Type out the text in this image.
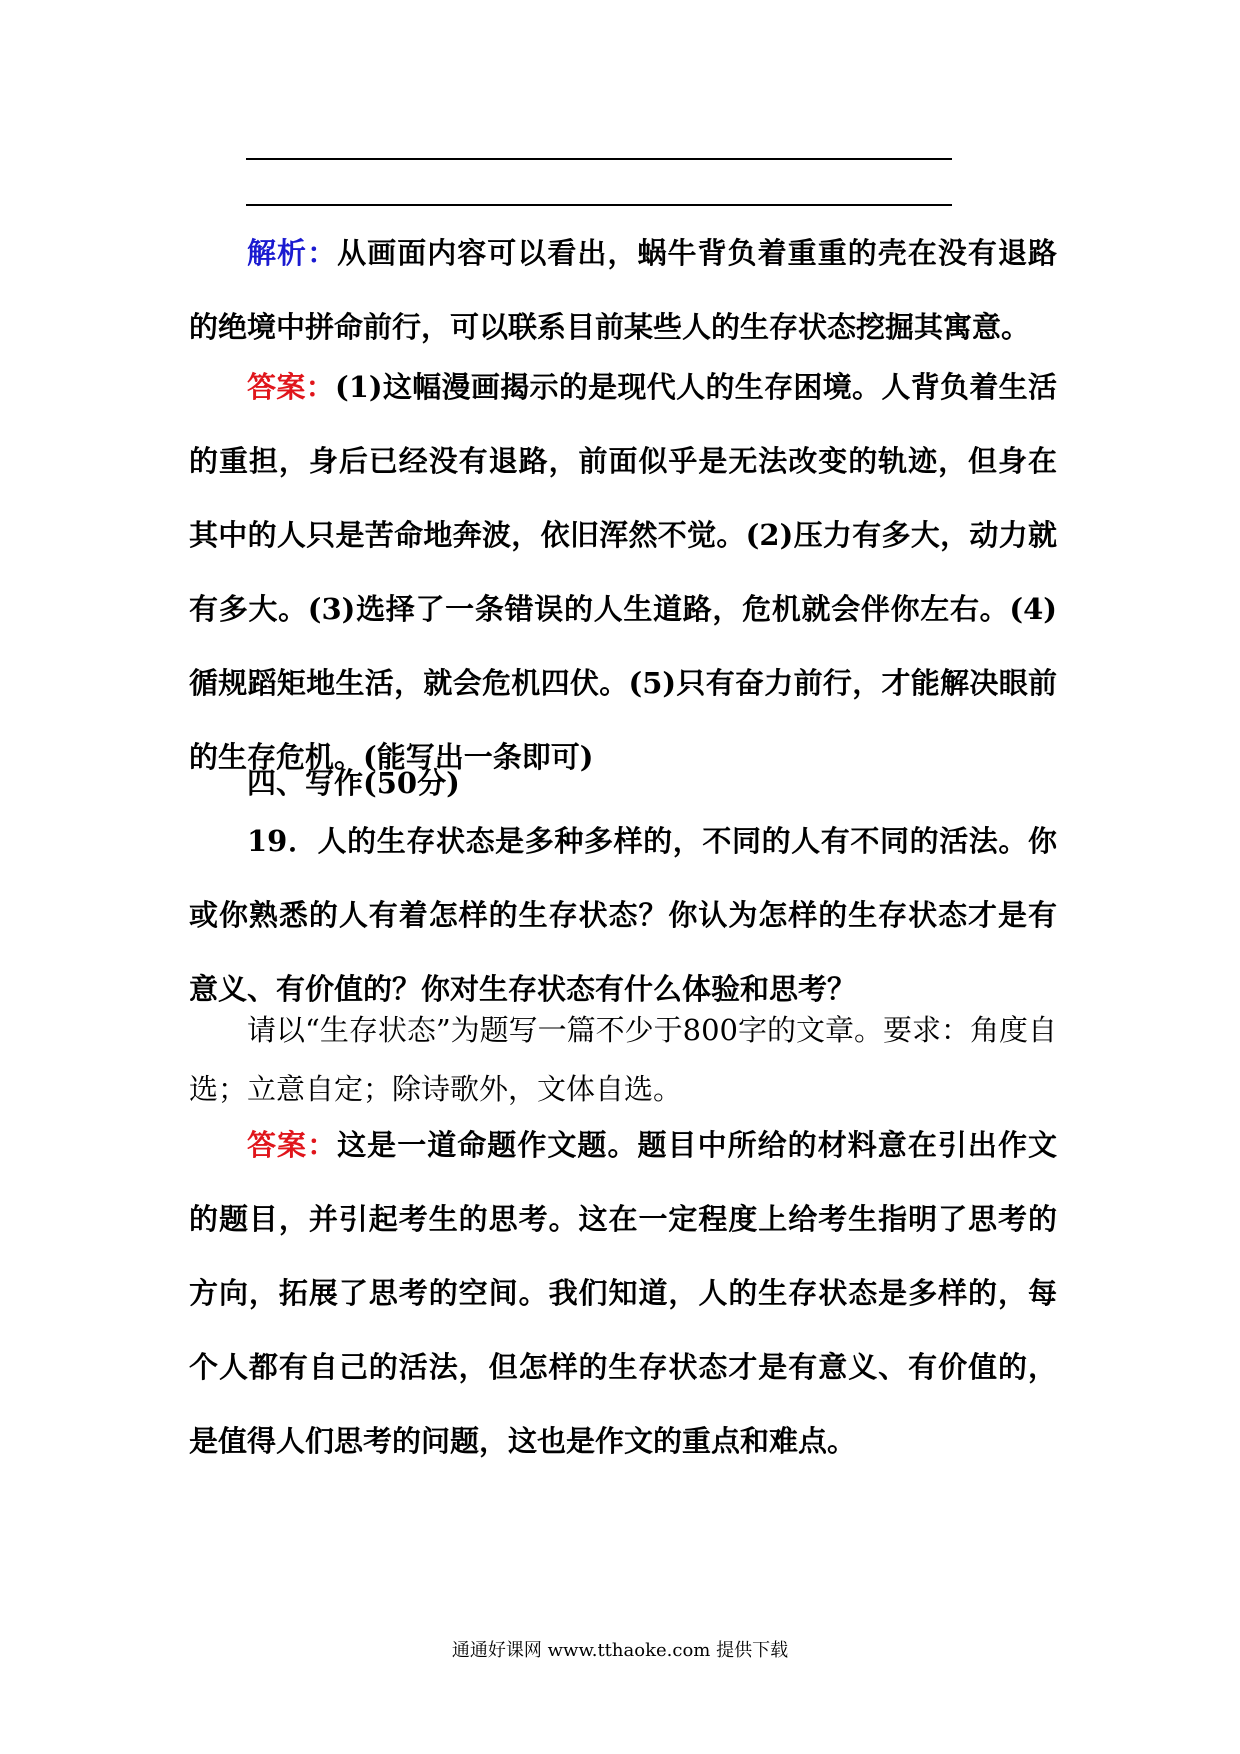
解析：从画面内容可以看出，蜗牛背负着重重的壳在没有退路的绝境中拼命前行，可以联系目前某些人的生存状态挖掘其寓意。

答案：(1)这幅漫画揭示的是现代人的生存困境。人背负着生活的重担，身后已经没有退路，前面似乎是无法改变的轨迹，但身在其中的人只是苦命地奔波，依旧浑然不觉。(2)压力有多大，动力就有多大。(3)选择了一条错误的人生道路，危机就会伴你左右。(4)循规蹈矩地生活，就会危机四伏。(5)只有奋力前行，才能解决眼前的生存危机。(能写出一条即可)

四、写作(50分)

19．人的生存状态是多种多样的，不同的人有不同的活法。你或你熟悉的人有着怎样的生存状态？你认为怎样的生存状态才是有意义、有价值的？你对生存状态有什么体验和思考？

请以“生存状态”为题写一篇不少于800字的文章。要求：角度自选；立意自定；除诗歌外，文体自选。

答案：这是一道命题作文题。题目中所给的材料意在引出作文的题目，并引起考生的思考。这在一定程度上给考生指明了思考的方向，拓展了思考的空间。我们知道，人的生存状态是多样的，每个人都有自己的活法，但怎样的生存状态才是有意义、有价值的，是值得人们思考的问题，这也是作文的重点和难点。

通通好课网 www.tthaoke.com 提供下载
